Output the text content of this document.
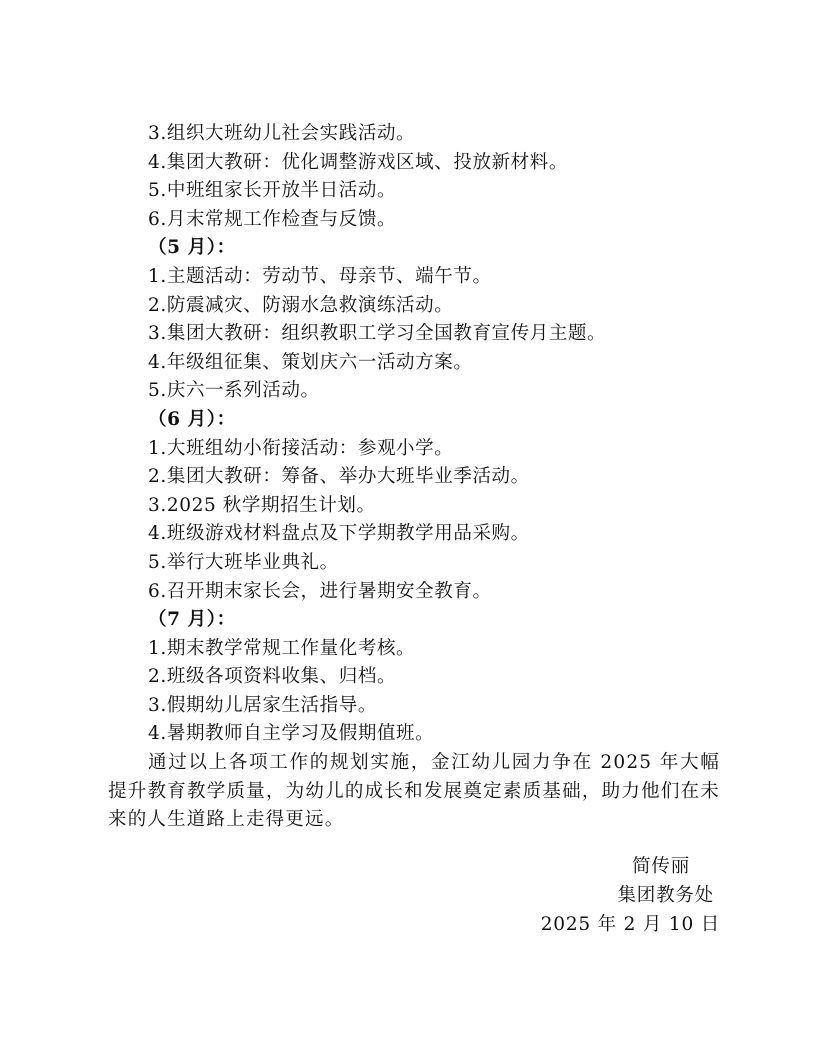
3.组织大班幼儿社会实践活动。
4.集团大教研：优化调整游戏区域、投放新材料。
5.中班组家长开放半日活动。
6.月末常规工作检查与反馈。
（5 月）：
1.主题活动：劳动节、母亲节、端午节。
2.防震减灾、防溺水急救演练活动。
3.集团大教研：组织教职工学习全国教育宣传月主题。
4.年级组征集、策划庆六一活动方案。
5.庆六一系列活动。
（6 月）：
1.大班组幼小衔接活动：参观小学。
2.集团大教研：筹备、举办大班毕业季活动。
3.2025 秋学期招生计划。
4.班级游戏材料盘点及下学期教学用品采购。
5.举行大班毕业典礼。
6.召开期末家长会，进行暑期安全教育。
（7 月）：
1.期末教学常规工作量化考核。
2.班级各项资料收集、归档。
3.假期幼儿居家生活指导。
4.暑期教师自主学习及假期值班。

通过以上各项工作的规划实施，金江幼儿园力争在 2025 年大幅提升教育教学质量，为幼儿的成长和发展奠定素质基础，助力他们在未来的人生道路上走得更远。

简传丽
集团教务处
2025 年 2 月 10 日
